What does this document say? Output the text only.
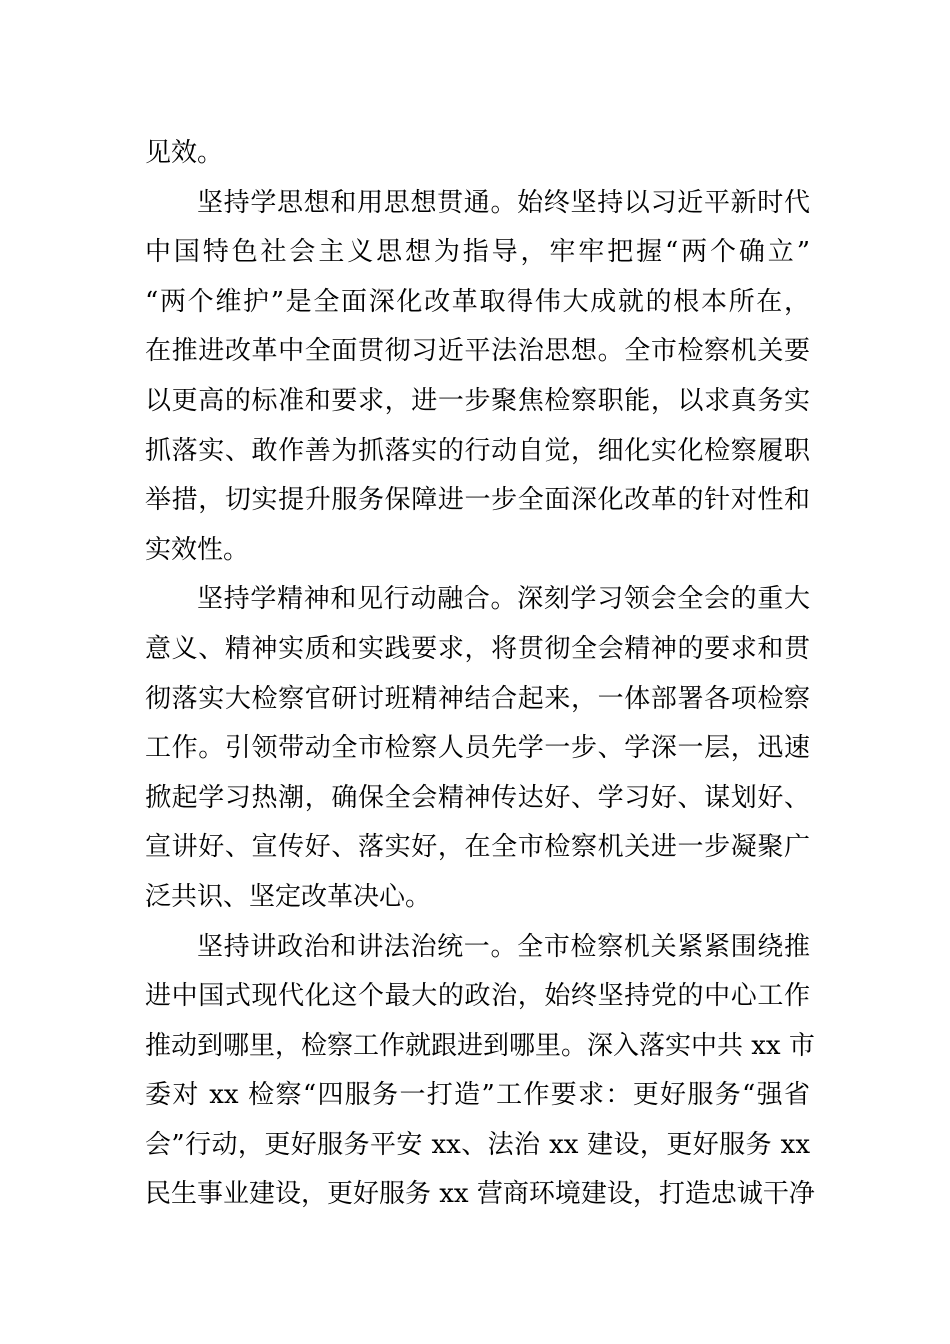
见效。
坚持学思想和用思想贯通。始终坚持以习近平新时代
中国特色社会主义思想为指导，牢牢把握“两个确立”
“两个维护”是全面深化改革取得伟大成就的根本所在，
在推进改革中全面贯彻习近平法治思想。全市检察机关要
以更高的标准和要求，进一步聚焦检察职能，以求真务实
抓落实、敢作善为抓落实的行动自觉，细化实化检察履职
举措，切实提升服务保障进一步全面深化改革的针对性和
实效性。
坚持学精神和见行动融合。深刻学习领会全会的重大
意义、精神实质和实践要求，将贯彻全会精神的要求和贯
彻落实大检察官研讨班精神结合起来，一体部署各项检察
工作。引领带动全市检察人员先学一步、学深一层，迅速
掀起学习热潮，确保全会精神传达好、学习好、谋划好、
宣讲好、宣传好、落实好，在全市检察机关进一步凝聚广
泛共识、坚定改革决心。
坚持讲政治和讲法治统一。全市检察机关紧紧围绕推
进中国式现代化这个最大的政治，始终坚持党的中心工作
推动到哪里，检察工作就跟进到哪里。深入落实中共 xx 市
委对 xx 检察“四服务一打造”工作要求：更好服务“强省
会”行动，更好服务平安 xx、法治 xx 建设，更好服务 xx
民生事业建设，更好服务 xx 营商环境建设，打造忠诚干净
